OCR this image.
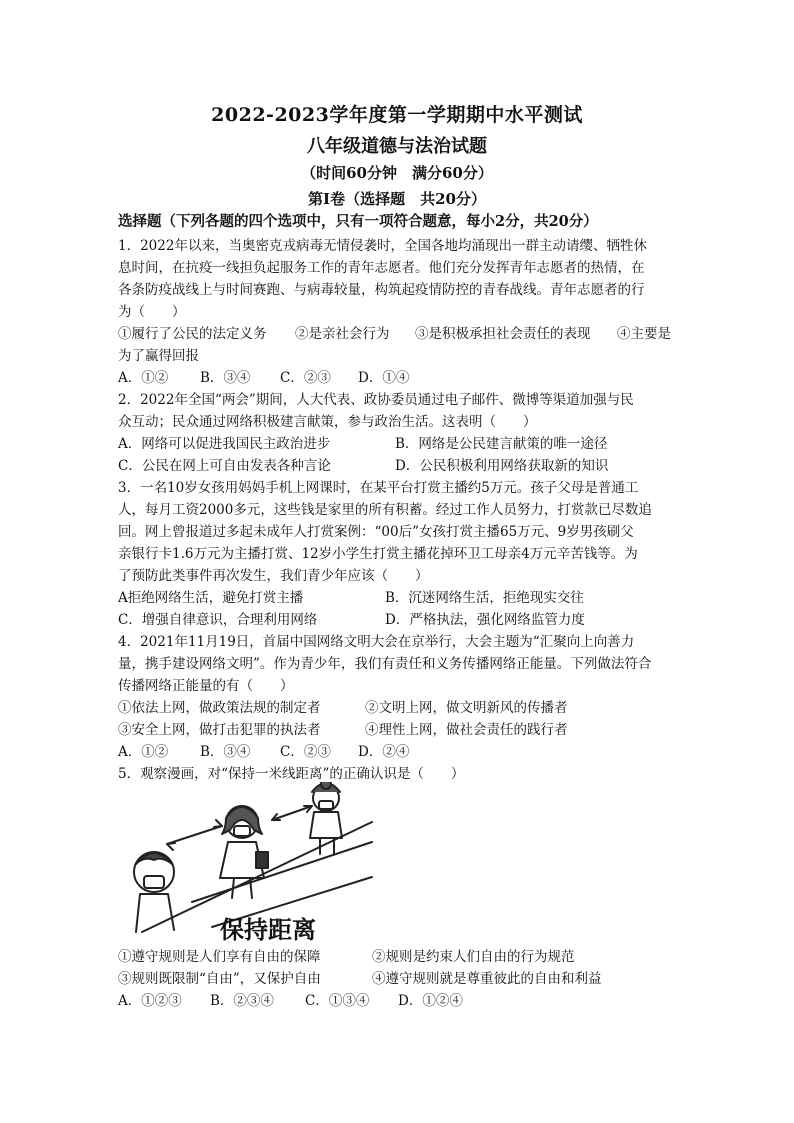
2022-2023学年度第一学期期中水平测试
八年级道德与法治试题
（时间60分钟　满分60分）
第Ⅰ卷（选择题　共20分）
选择题（下列各题的四个选项中，只有一项符合题意，每小2分，共20分）
1．2022年以来，当奥密克戎病毒无情侵袭时，全国各地均涌现出一群主动请缨、牺牲休
息时间，在抗疫一线担负起服务工作的青年志愿者。他们充分发挥青年志愿者的热情，在
各条防疫战线上与时间赛跑、与病毒较量，构筑起疫情防控的青春战线。青年志愿者的行
为（　　）
①履行了公民的法定义务 ②是亲社会行为 ③是积极承担社会责任的表现 ④主要是
为了赢得回报
A．①② B．③④ C．②③ D．①④
2．2022年全国“两会”期间，人大代表、政协委员通过电子邮件、微博等渠道加强与民
众互动；民众通过网络积极建言献策，参与政治生活。这表明（　　）
A．网络可以促进我国民主政治进步	B．网络是公民建言献策的唯一途径
C．公民在网上可自由发表各种言论	D．公民积极利用网络获取新的知识
3．一名10岁女孩用妈妈手机上网课时，在某平台打赏主播约5万元。孩子父母是普通工
人，每月工资2000多元，这些钱是家里的所有积蓄。经过工作人员努力，打赏款已尽数追
回。网上曾报道过多起未成年人打赏案例：“00后”女孩打赏主播65万元、9岁男孩刷父
亲银行卡1.6万元为主播打赏、12岁小学生打赏主播花掉环卫工母亲4万元辛苦钱等。为
了预防此类事件再次发生，我们青少年应该（　　）
A拒绝网络生活，避免打赏主播	B．沉迷网络生活，拒绝现实交往
C．增强自律意识，合理利用网络	D．严格执法，强化网络监管力度
4．2021年11月19日，首届中国网络文明大会在京举行，大会主题为“汇聚向上向善力
量，携手建设网络文明”。作为青少年，我们有责任和义务传播网络正能量。下列做法符合
传播网络正能量的有（　　）
①依法上网，做政策法规的制定者	②文明上网，做文明新风的传播者
③安全上网，做打击犯罪的执法者	④理性上网，做社会责任的践行者
A．①② B．③④ C．②③ D．②④
5．观察漫画，对“保持一米线距离”的正确认识是（　　）
保持距离
①遵守规则是人们享有自由的保障	②规则是约束人们自由的行为规范
③规则既限制“自由”，又保护自由	④遵守规则就是尊重彼此的自由和利益
A．①②③ B．②③④ C．①③④ D．①②④
